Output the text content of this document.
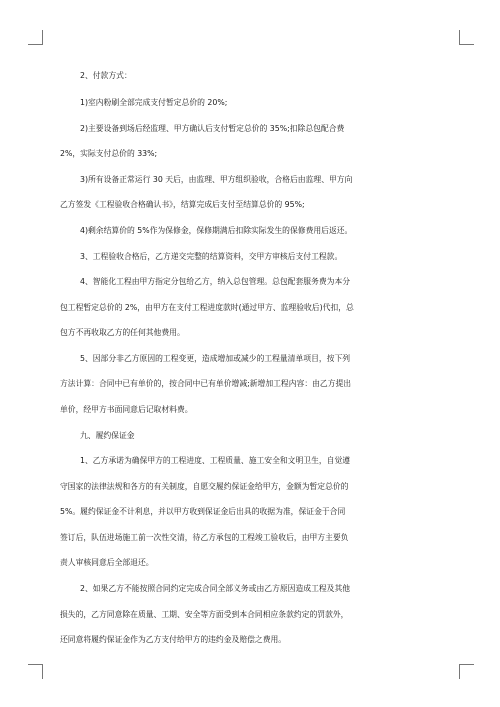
2、付款方式：
1)室内粉刷全部完成支付暂定总价的 20%;
2)主要设备到场后经监理、甲方确认后支付暂定总价的 35%;扣除总包配合费
2%，实际支付总价的 33%;
3)所有设备正常运行 30 天后，由监理、甲方组织验收，合格后由监理、甲方向
乙方签发《工程验收合格确认书》，结算完成后支付至结算总价的 95%;
4)剩余结算价的 5%作为保修金，保修期满后扣除实际发生的保修费用后返还。
3、工程验收合格后，乙方递交完整的结算资料，交甲方审核后支付工程款。
4、智能化工程由甲方指定分包给乙方，纳入总包管理。总包配套服务费为本分
包工程暂定总价的 2%，由甲方在支付工程进度款时(通过甲方、监理验收后)代扣，总
包方不再收取乙方的任何其他费用。
5、因部分非乙方原因的工程变更，造成增加或减少的工程量清单项目，按下列
方法计算：合同中已有单价的，按合同中已有单价增减;新增加工程内容：由乙方提出
单价，经甲方书面同意后记取材料费。
九、履约保证金
1、乙方承诺为确保甲方的工程进度、工程质量、施工安全和文明卫生，自觉遵
守国家的法律法规和各方的有关制度，自愿交履约保证金给甲方，金额为暂定总价的
5%。履约保证金不计利息，并以甲方收到保证金后出具的收据为准，保证金于合同
签订后，队伍进场施工前一次性交清，待乙方承包的工程竣工验收后，由甲方主要负
责人审核同意后全部退还。
2、如果乙方不能按照合同约定完成合同全部义务或由乙方原因造成工程及其他
损失的，乙方同意除在质量、工期、安全等方面受到本合同相应条款约定的罚款外，
还同意将履约保证金作为乙方支付给甲方的违约金及赔偿之费用。
